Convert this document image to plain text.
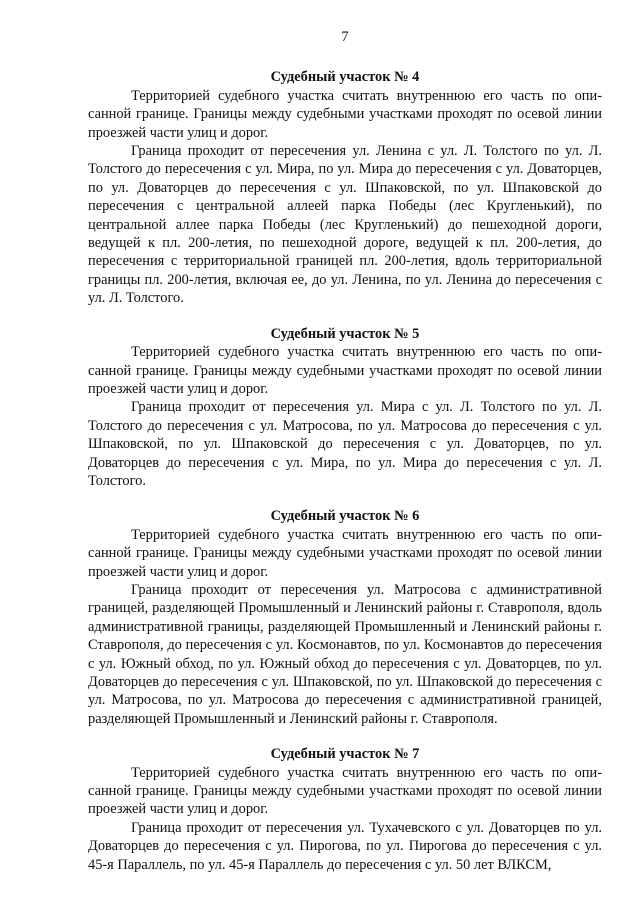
7

Судебный участок № 4

Территорией судебного участка считать внутреннюю его часть по описанной границе. Границы между судебными участками проходят по осевой линии проезжей части улиц и дорог.

Граница проходит от пересечения ул. Ленина с ул. Л. Толстого по ул. Л. Толстого до пересечения с ул. Мира, по ул. Мира до пересечения с ул. Доваторцев, по ул. Доваторцев до пересечения с ул. Шпаковской, по ул. Шпаковской до пересечения с центральной аллеей парка Победы (лес Кругленький), по центральной аллее парка Победы (лес Кругленький) до пешеходной дороги, ведущей к пл. 200-летия, по пешеходной дороге, ведущей к пл. 200-летия, до пересечения с территориальной границей пл. 200-летия, вдоль территориальной границы пл. 200-летия, включая ее, до ул. Ленина, по ул. Ленина до пересечения с ул. Л. Толстого.

Судебный участок № 5

Территорией судебного участка считать внутреннюю его часть по описанной границе. Границы между судебными участками проходят по осевой линии проезжей части улиц и дорог.

Граница проходит от пересечения ул. Мира с ул. Л. Толстого по ул. Л. Толстого до пересечения с ул. Матросова, по ул. Матросова до пересечения с ул. Шпаковской, по ул. Шпаковской до пересечения с ул. Доваторцев, по ул. Доваторцев до пересечения с ул. Мира, по ул. Мира до пересечения с ул. Л. Толстого.

Судебный участок № 6

Территорией судебного участка считать внутреннюю его часть по описанной границе. Границы между судебными участками проходят по осевой линии проезжей части улиц и дорог.

Граница проходит от пересечения ул. Матросова с административной границей, разделяющей Промышленный и Ленинский районы г. Ставрополя, вдоль административной границы, разделяющей Промышленный и Ленинский районы г. Ставрополя, до пересечения с ул. Космонавтов, по ул. Космонавтов до пересечения с ул. Южный обход, по ул. Южный обход до пересечения с ул. Доваторцев, по ул. Доваторцев до пересечения с ул. Шпаковской, по ул. Шпаковской до пересечения с ул. Матросова, по ул. Матросова до пересечения с административной границей, разделяющей Промышленный и Ленинский районы г. Ставрополя.

Судебный участок № 7

Территорией судебного участка считать внутреннюю его часть по описанной границе. Границы между судебными участками проходят по осевой линии проезжей части улиц и дорог.

Граница проходит от пересечения ул. Тухачевского с ул. Доваторцев по ул. Доваторцев до пересечения с ул. Пирогова, по ул. Пирогова до пересечения с ул. 45-я Параллель, по ул. 45-я Параллель до пересечения с ул. 50 лет ВЛКСМ,
